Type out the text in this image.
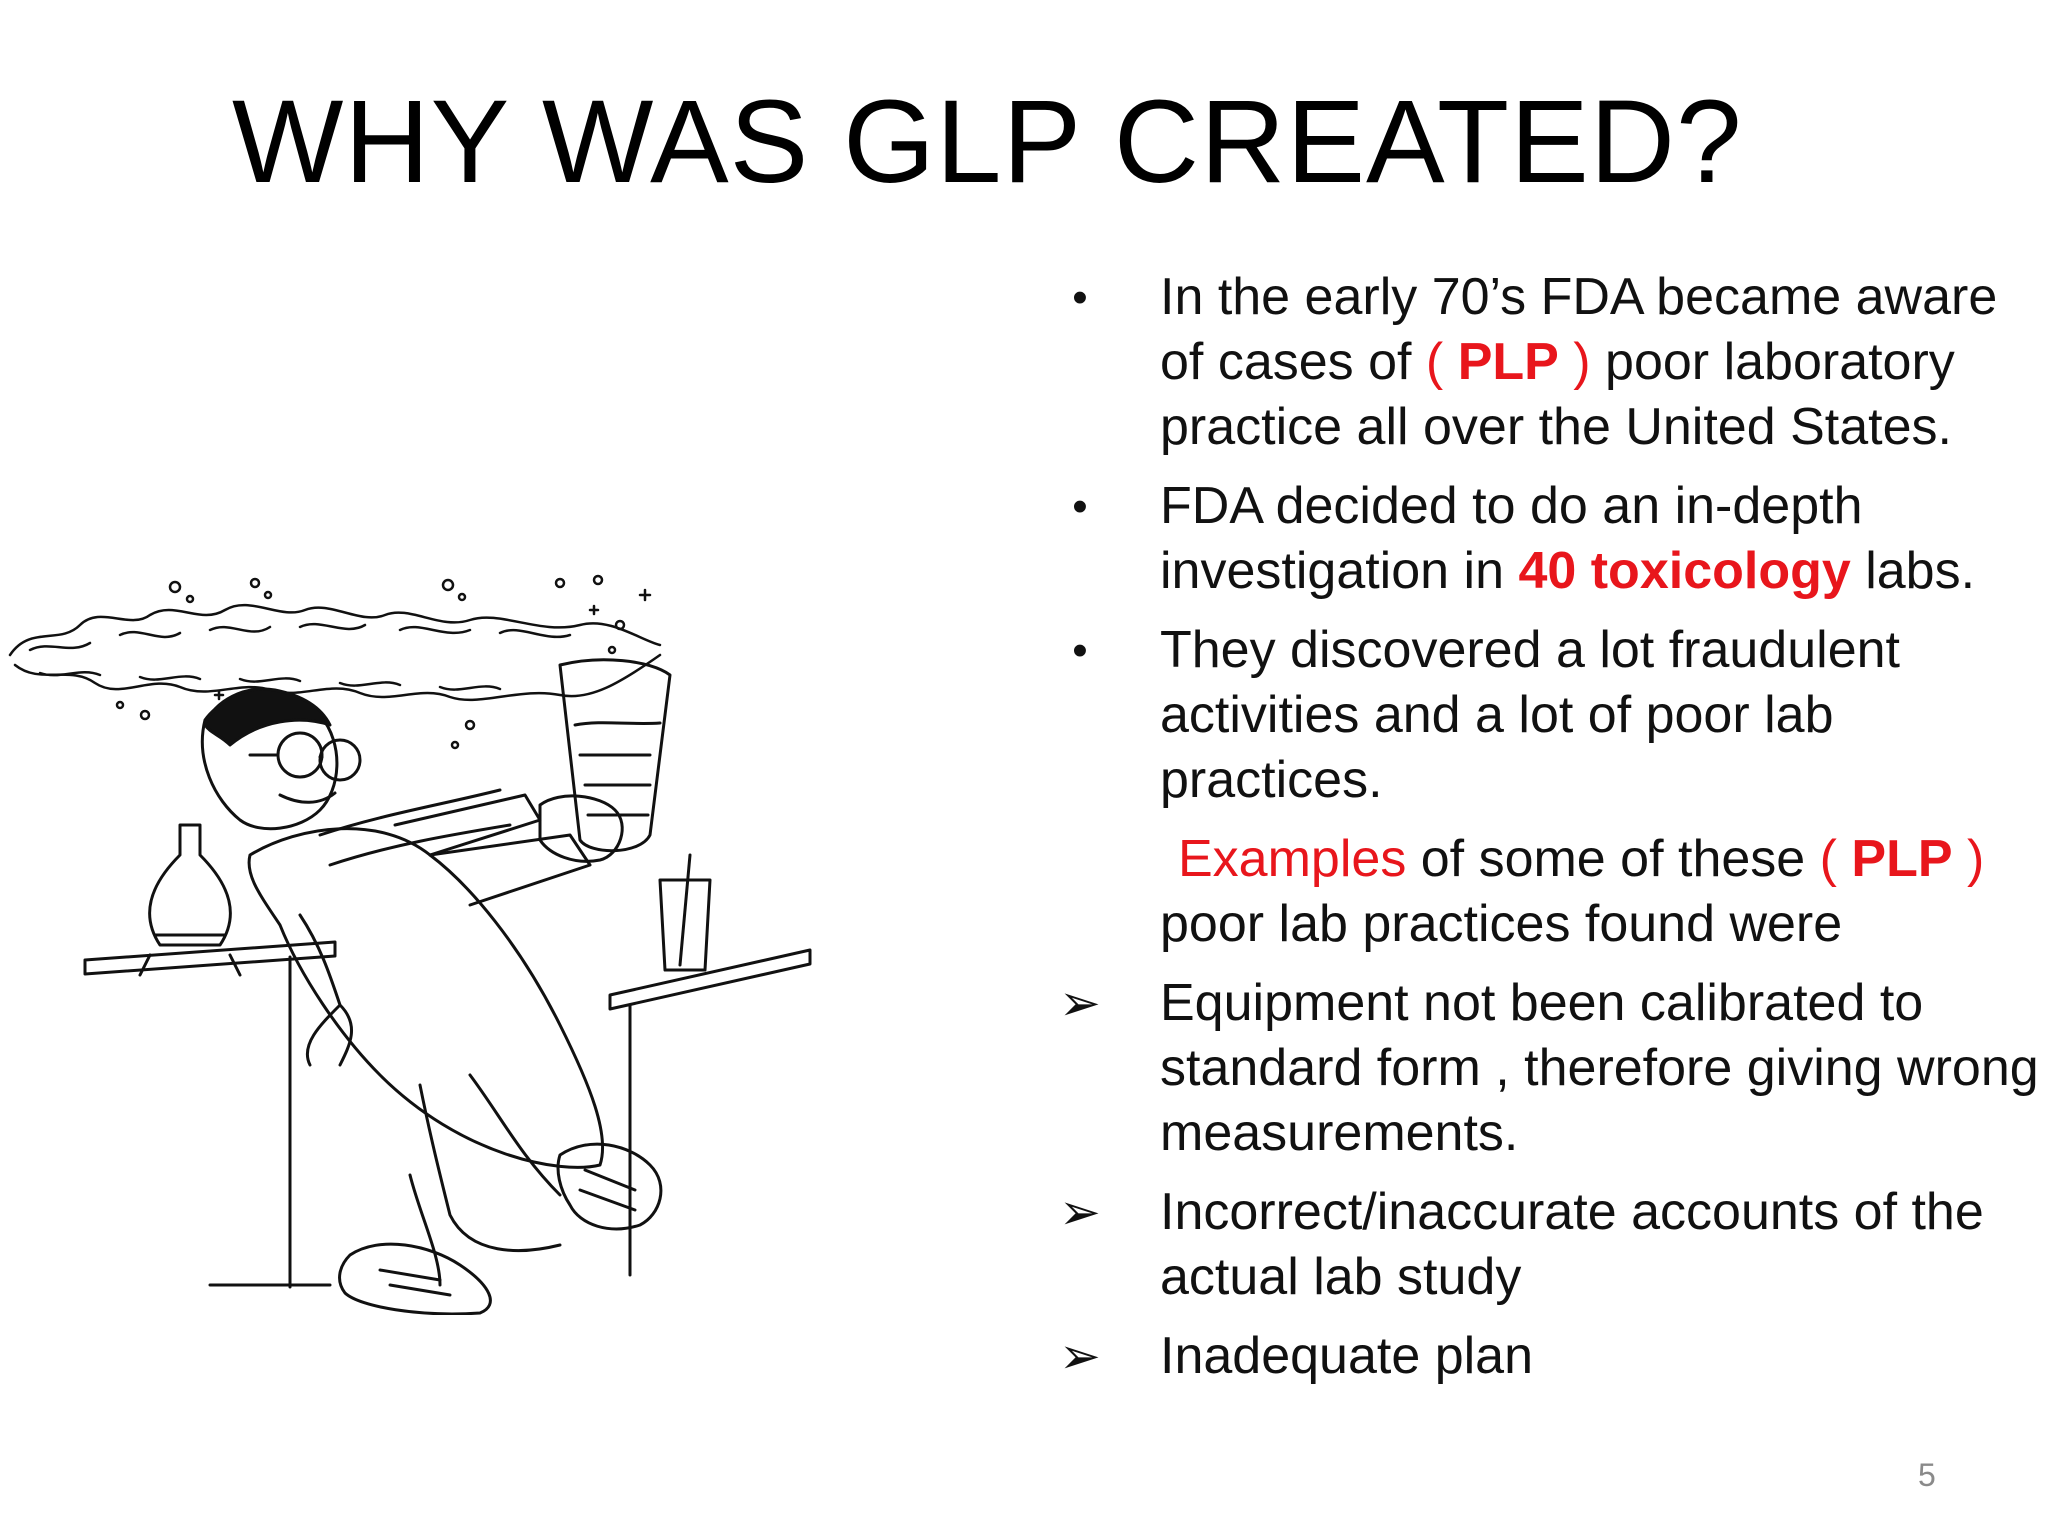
WHY WAS GLP CREATED?
•	In the early 70’s FDA became aware of cases of ( PLP ) poor laboratory practice all over the United States.
•	FDA decided to do an in-depth investigation in 40 toxicology labs.
•	They discovered a lot fraudulent activities and a lot of poor lab practices.
Examples of some of these ( PLP ) poor lab practices found were
➢	Equipment not been calibrated to standard form , therefore giving wrong measurements.
➢	Incorrect/inaccurate accounts of the actual lab study
➢	Inadequate plan
5
